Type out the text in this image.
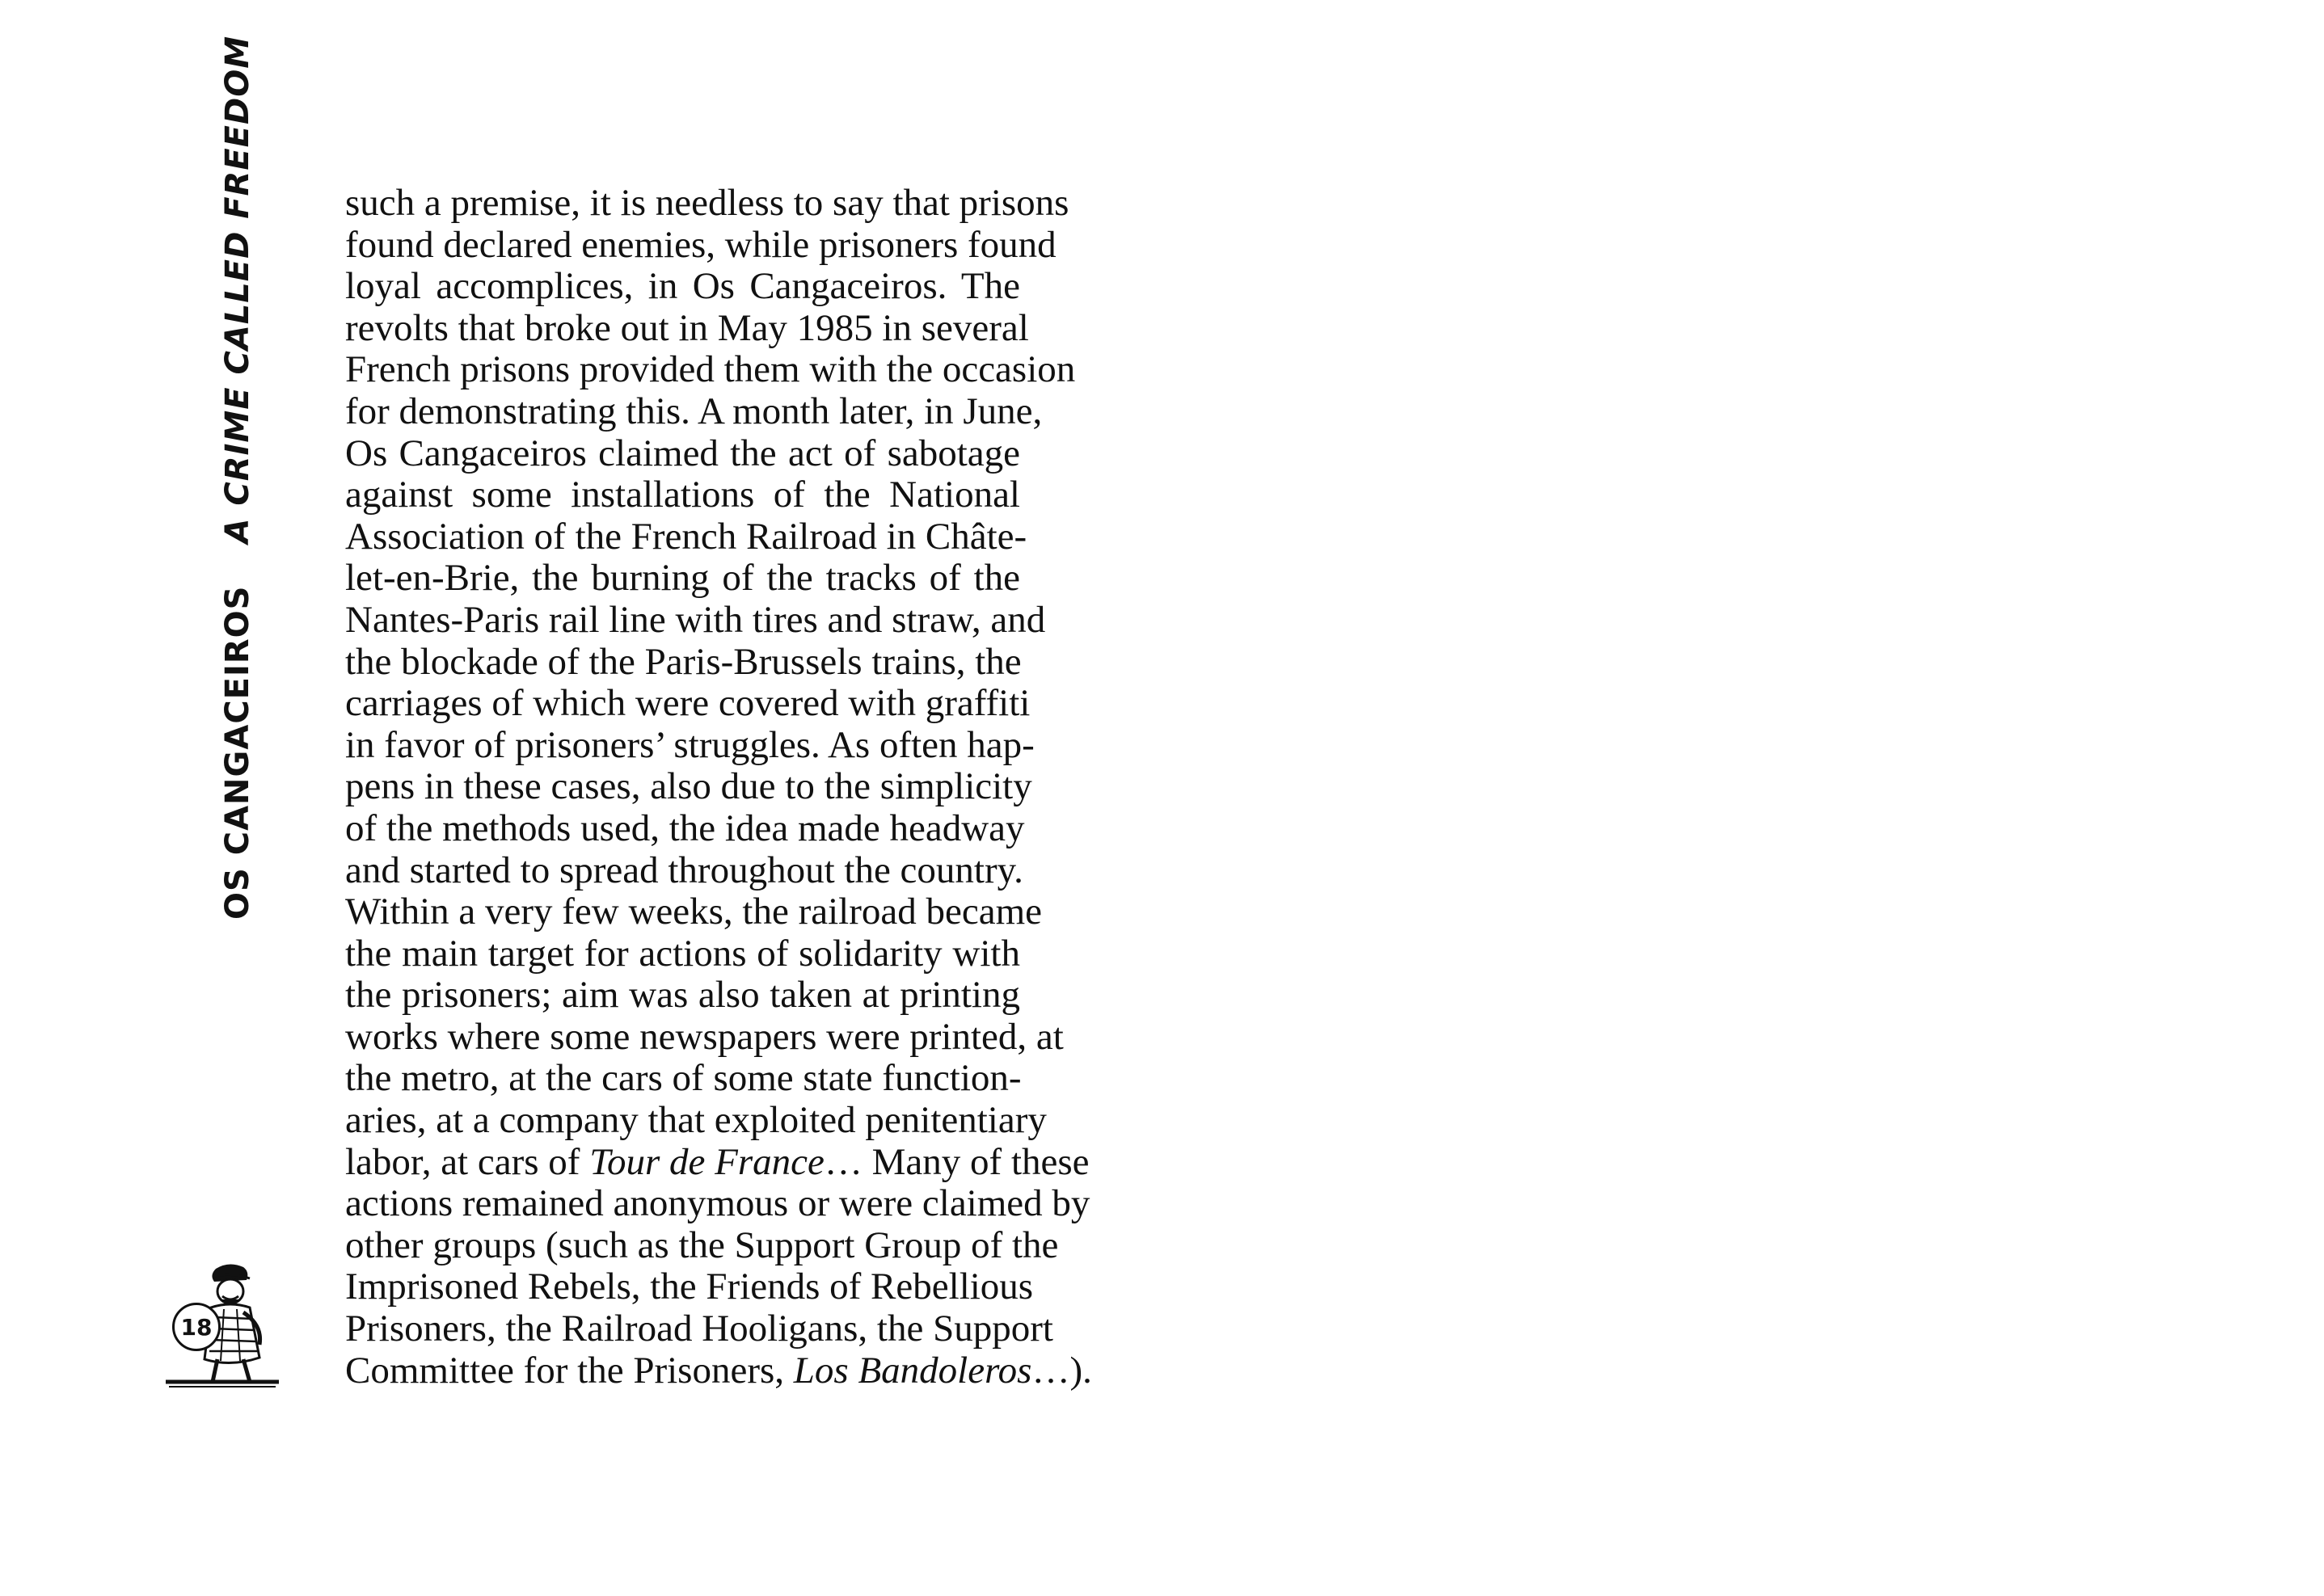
OS CANGACEIROS
A CRIME CALLED FREEDOM such a premise, it is needless to say that prisons
found declared enemies, while prisoners found
loyal accomplices, in Os Cangaceiros. The
revolts that broke out in May 1985 in several
French prisons provided them with the occasion
for demonstrating this. A month later, in June,
Os Cangaceiros claimed the act of sabotage
against some installations of the National
Association of the French Railroad in Châte-
let-en-Brie, the burning of the tracks of the
Nantes-Paris rail line with tires and straw, and
the blockade of the Paris-Brussels trains, the
carriages of which were covered with graffiti
in favor of prisoners’ struggles. As often hap-
pens in these cases, also due to the simplicity
of the methods used, the idea made headway
and started to spread throughout the country.
Within a very few weeks, the railroad became
the main target for actions of solidarity with
the prisoners; aim was also taken at printing
works where some newspapers were printed, at
the metro, at the cars of some state function-
aries, at a company that exploited penitentiary
labor, at cars of Tour de France… Many of these
actions remained anonymous or were claimed by
other groups (such as the Support Group of the
Imprisoned Rebels, the Friends of Rebellious
Prisoners, the Railroad Hooligans, the Support
Committee for the Prisoners, Los Bandoleros…).
18
